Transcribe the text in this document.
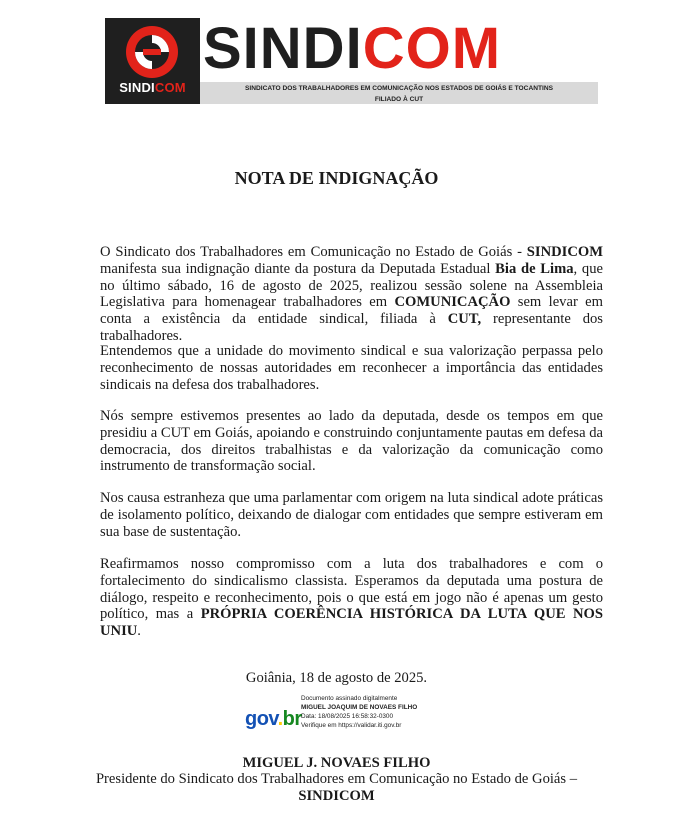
SINDICOM
SINDICOM
SINDICATO DOS TRABALHADORES EM COMUNICAÇÃO NOS ESTADOS DE GOIÁS E TOCANTINS
FILIADO À CUT
NOTA DE INDIGNAÇÃO

O Sindicato dos Trabalhadores em Comunicação no Estado de Goiás - SINDICOM manifesta sua indignação diante da postura da Deputada Estadual Bia de Lima, que no último sábado, 16 de agosto de 2025, realizou sessão solene na Assembleia Legislativa para homenagear trabalhadores em COMUNICAÇÃO sem levar em conta a existência da entidade sindical, filiada à CUT, representante dos trabalhadores.

Entendemos que a unidade do movimento sindical e sua valorização perpassa pelo reconhecimento de nossas autoridades em reconhecer a importância das entidades sindicais na defesa dos trabalhadores.

Nós sempre estivemos presentes ao lado da deputada, desde os tempos em que presidiu a CUT em Goiás, apoiando e construindo conjuntamente pautas em defesa da democracia, dos direitos trabalhistas e da valorização da comunicação como instrumento de transformação social.

Nos causa estranheza que uma parlamentar com origem na luta sindical adote práticas de isolamento político, deixando de dialogar com entidades que sempre estiveram em sua base de sustentação.

Reafirmamos nosso compromisso com a luta dos trabalhadores e com o fortalecimento do sindicalismo classista. Esperamos da deputada uma postura de diálogo, respeito e reconhecimento, pois o que está em jogo não é apenas um gesto político, mas a PRÓPRIA COERÊNCIA HISTÓRICA DA LUTA QUE NOS UNIU.

Goiânia, 18 de agosto de 2025.
gov.br
Documento assinado digitalmente
MIGUEL JOAQUIM DE NOVAES FILHO
Data: 18/08/2025 16:58:32-0300
Verifique em https://validar.iti.gov.br
MIGUEL J. NOVAES FILHO
Presidente do Sindicato dos Trabalhadores em Comunicação no Estado de Goiás –
SINDICOM
